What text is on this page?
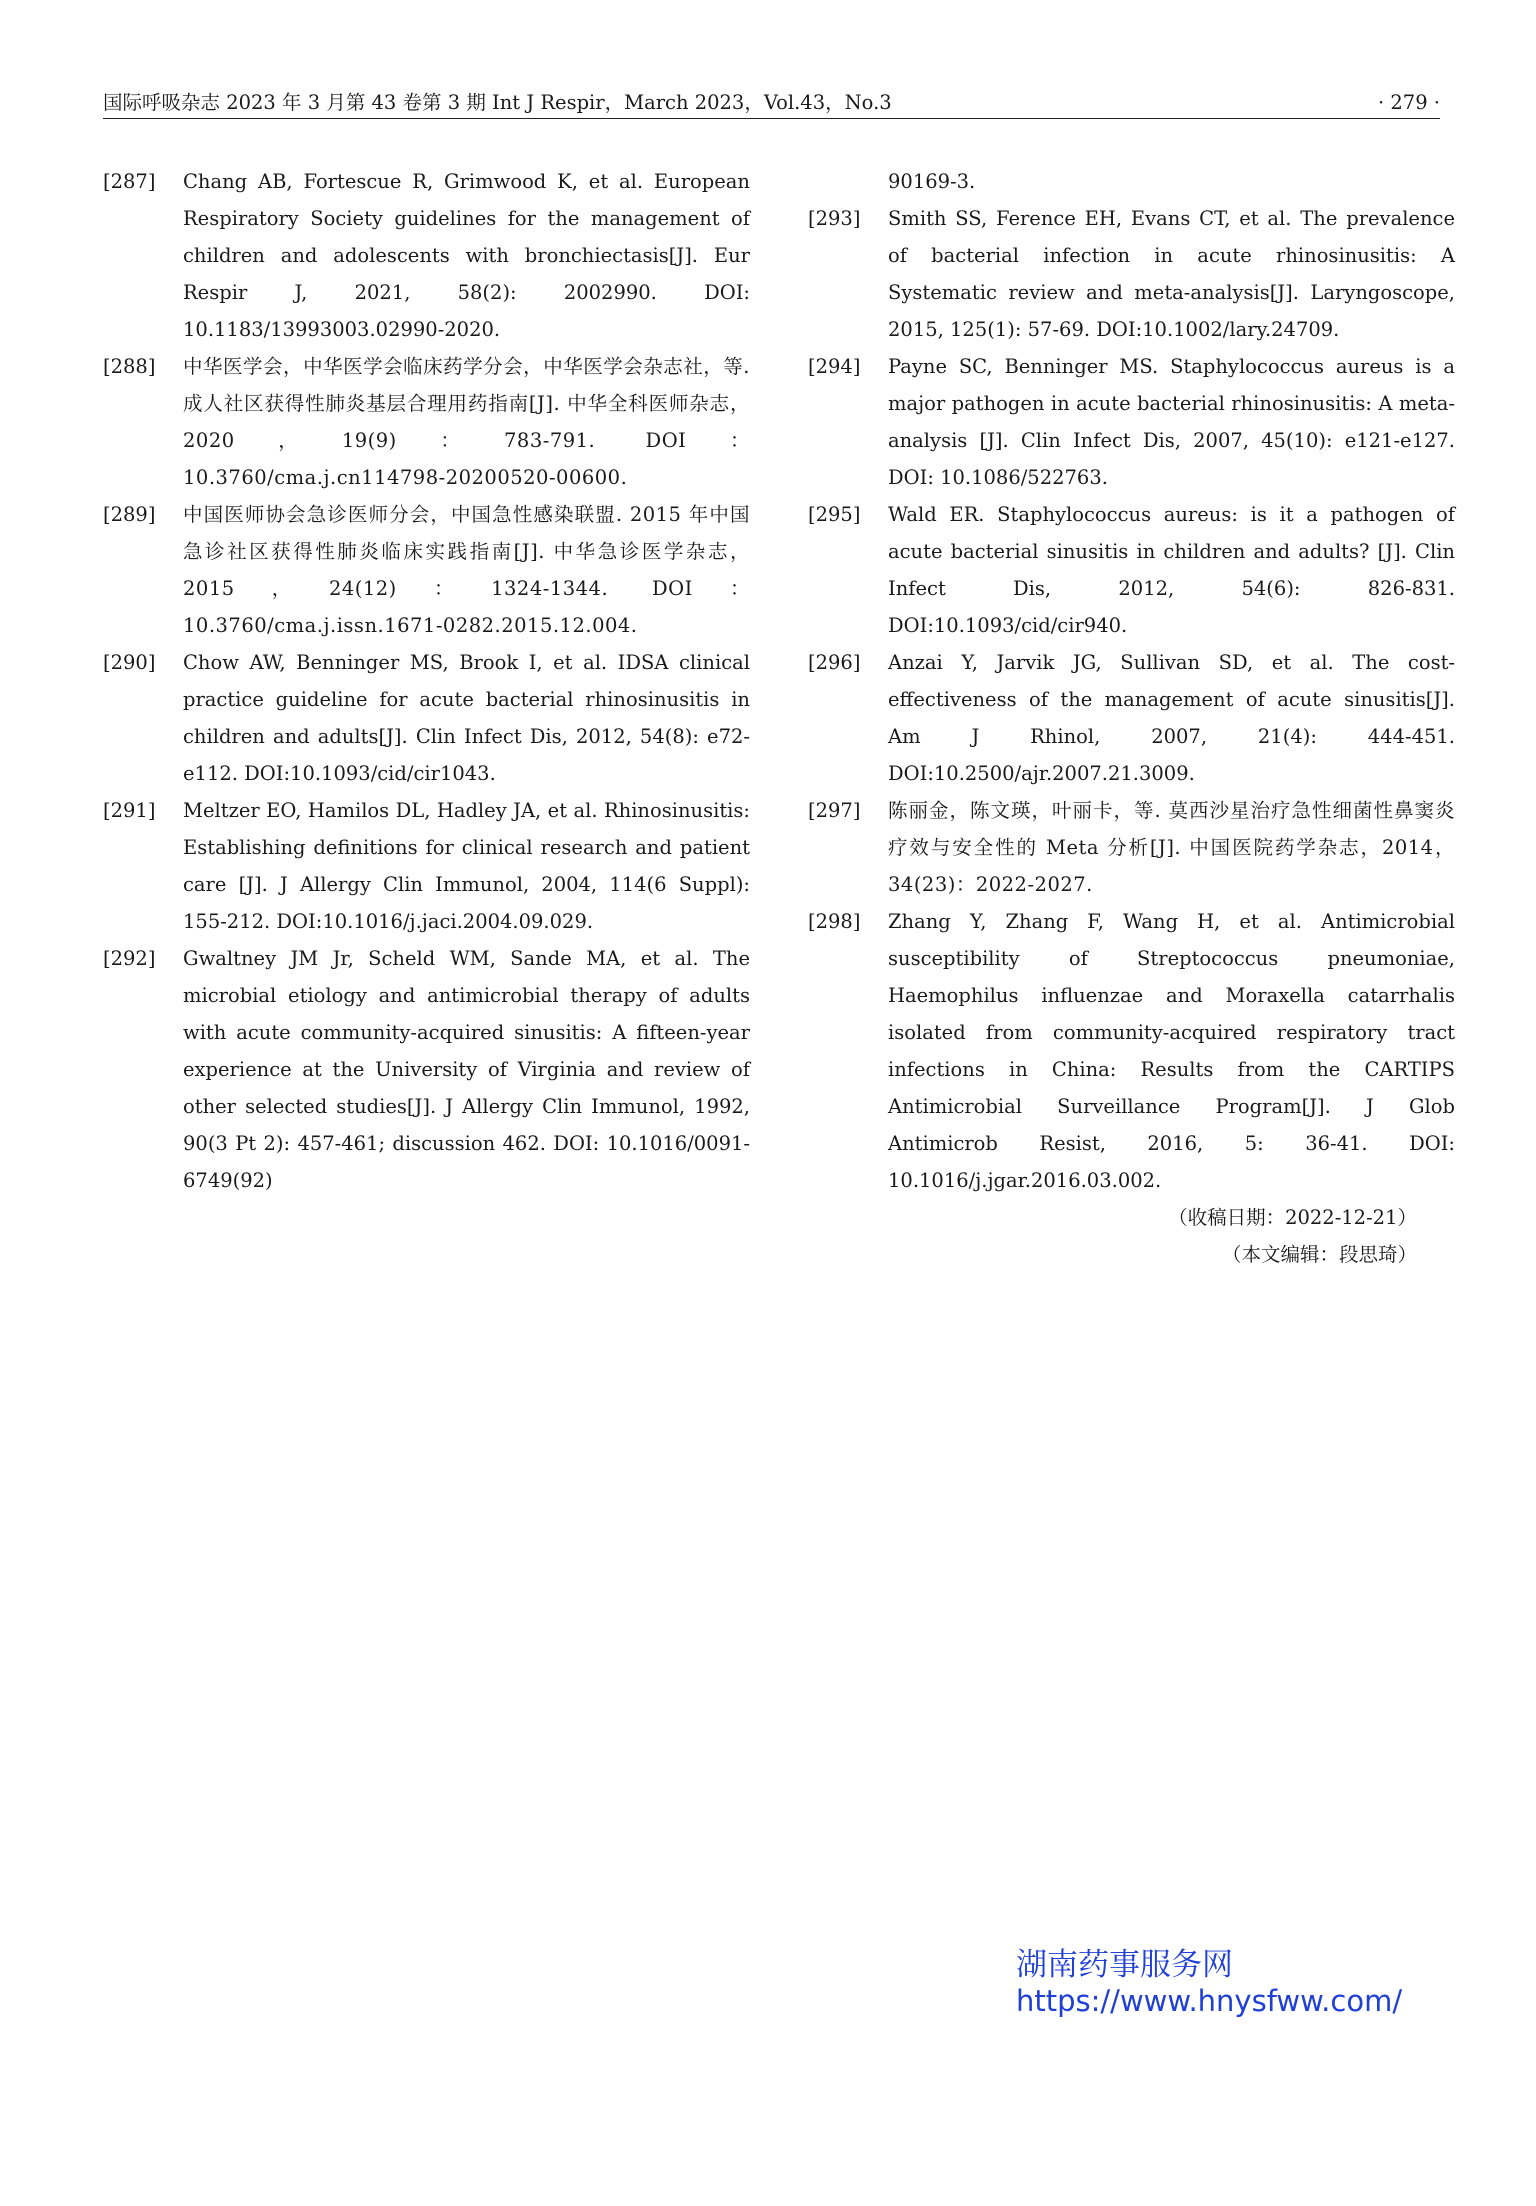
国际呼吸杂志 2023 年 3 月第 43 卷第 3 期 Int J Respir，March 2023，Vol.43，No.3	· 279 ·
[287] Chang AB, Fortescue R, Grimwood K, et al. European Respiratory Society guidelines for the management of children and adolescents with bronchiectasis[J]. Eur Respir J, 2021, 58(2): 2002990. DOI: 10.1183/13993003.02990-2020.
[288] 中华医学会，中华医学会临床药学分会，中华医学会杂志社，等. 成人社区获得性肺炎基层合理用药指南[J]. 中华全科医师杂志，2020，19(9)：783-791. DOI：10.3760/cma.j.cn114798-20200520-00600.
[289] 中国医师协会急诊医师分会，中国急性感染联盟. 2015 年中国急诊社区获得性肺炎临床实践指南[J]. 中华急诊医学杂志，2015，24(12)：1324-1344. DOI：10.3760/cma.j.issn.1671-0282.2015.12.004.
[290] Chow AW, Benninger MS, Brook I, et al. IDSA clinical practice guideline for acute bacterial rhinosinusitis in children and adults[J]. Clin Infect Dis, 2012, 54(8): e72-e112. DOI:10.1093/cid/cir1043.
[291] Meltzer EO, Hamilos DL, Hadley JA, et al. Rhinosinusitis: Establishing definitions for clinical research and patient care [J]. J Allergy Clin Immunol, 2004, 114(6 Suppl): 155-212. DOI:10.1016/j.jaci.2004.09.029.
[292] Gwaltney JM Jr, Scheld WM, Sande MA, et al. The microbial etiology and antimicrobial therapy of adults with acute community-acquired sinusitis: A fifteen-year experience at the University of Virginia and review of other selected studies[J]. J Allergy Clin Immunol, 1992, 90(3 Pt 2): 457-461; discussion 462. DOI: 10.1016/0091-6749(92)
90169-3.
[293] Smith SS, Ference EH, Evans CT, et al. The prevalence of bacterial infection in acute rhinosinusitis: A Systematic review and meta-analysis[J]. Laryngoscope, 2015, 125(1): 57-69. DOI:10.1002/lary.24709.
[294] Payne SC, Benninger MS. Staphylococcus aureus is a major pathogen in acute bacterial rhinosinusitis: A meta-analysis [J]. Clin Infect Dis, 2007, 45(10): e121-e127. DOI: 10.1086/522763.
[295] Wald ER. Staphylococcus aureus: is it a pathogen of acute bacterial sinusitis in children and adults? [J]. Clin Infect Dis, 2012, 54(6): 826-831. DOI:10.1093/cid/cir940.
[296] Anzai Y, Jarvik JG, Sullivan SD, et al. The cost-effectiveness of the management of acute sinusitis[J]. Am J Rhinol, 2007, 21(4): 444-451. DOI:10.2500/ajr.2007.21.3009.
[297] 陈丽金，陈文瑛，叶丽卡，等. 莫西沙星治疗急性细菌性鼻窦炎疗效与安全性的 Meta 分析[J]. 中国医院药学杂志，2014，34(23)：2022-2027.
[298] Zhang Y, Zhang F, Wang H, et al. Antimicrobial susceptibility of Streptococcus pneumoniae, Haemophilus influenzae and Moraxella catarrhalis isolated from community-acquired respiratory tract infections in China: Results from the CARTIPS Antimicrobial Surveillance Program[J]. J Glob Antimicrob Resist, 2016, 5: 36-41. DOI: 10.1016/j.jgar.2016.03.002.
（收稿日期：2022-12-21）
（本文编辑：段思琦）
湖南药事服务网
https://www.hnysfww.com/
